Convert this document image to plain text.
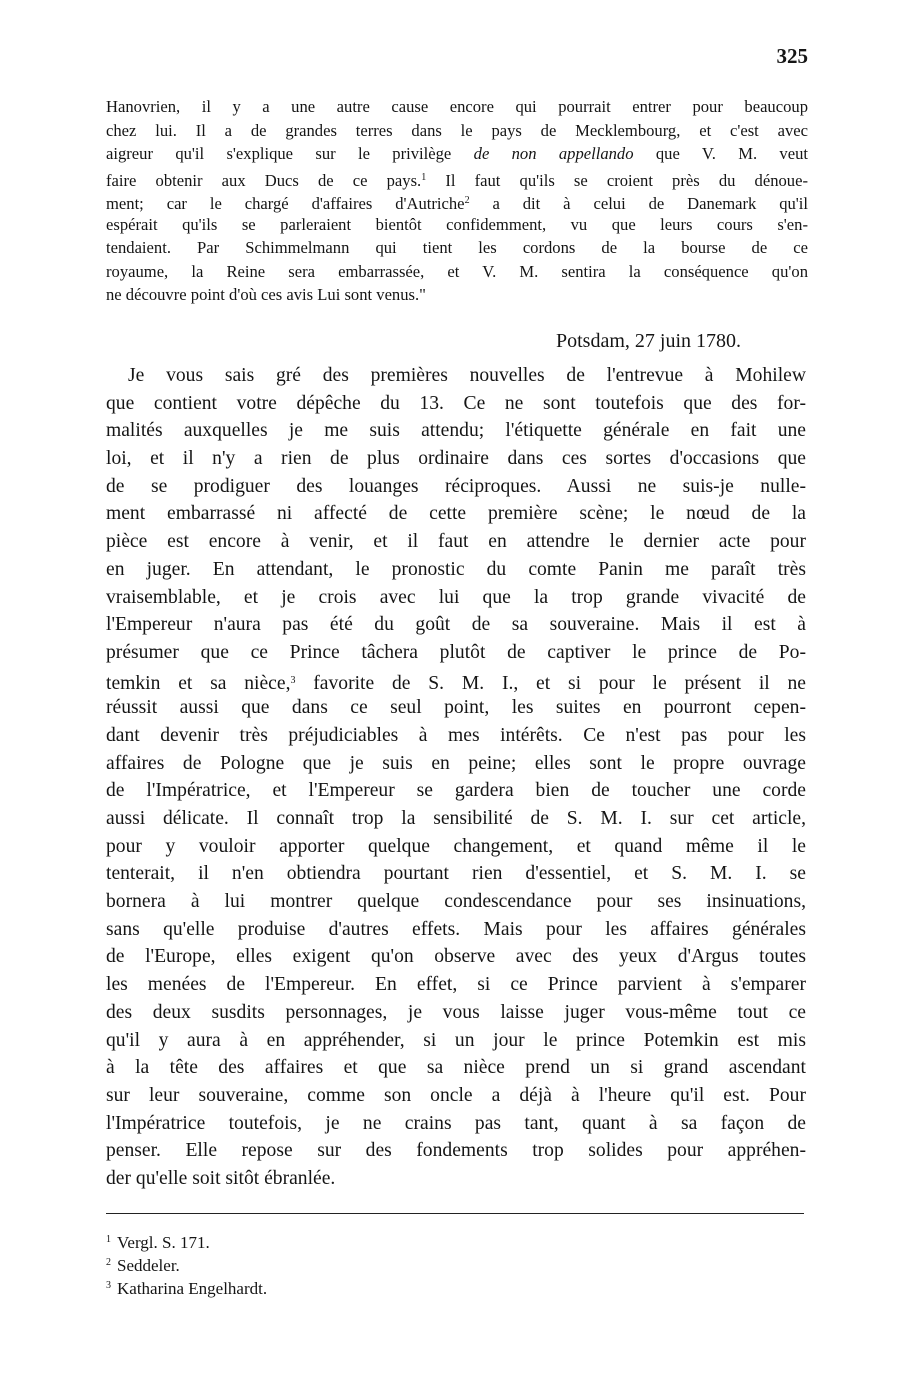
325
Hanovrien, il y a une autre cause encore qui pourrait entrer pour beaucoup
chez lui. Il a de grandes terres dans le pays de Mecklembourg, et c'est avec
aigreur qu'il s'explique sur le privilège de non appellando que V. M. veut
faire obtenir aux Ducs de ce pays.$^1$ Il faut qu'ils se croient près du dénoue-
ment; car le chargé d'affaires d'Autriche$^2$ a dit à celui de Danemark qu'il
espérait qu'ils se parleraient bientôt confidemment, vu que leurs cours s'en-
tendaient. Par Schimmelmann qui tient les cordons de la bourse de ce
royaume, la Reine sera embarrassée, et V. M. sentira la conséquence qu'on
ne découvre point d'où ces avis Lui sont venus."
Potsdam, 27 juin 1780.
Je vous sais gré des premières nouvelles de l'entrevue à Mohilew
que contient votre dépêche du 13. Ce ne sont toutefois que des for-
malités auxquelles je me suis attendu; l'étiquette générale en fait une
loi, et il n'y a rien de plus ordinaire dans ces sortes d'occasions que
de se prodiguer des louanges réciproques. Aussi ne suis-je nulle-
ment embarrassé ni affecté de cette première scène; le nœud de la
pièce est encore à venir, et il faut en attendre le dernier acte pour
en juger. En attendant, le pronostic du comte Panin me paraît très
vraisemblable, et je crois avec lui que la trop grande vivacité de
l'Empereur n'aura pas été du goût de sa souveraine. Mais il est à
présumer que ce Prince tâchera plutôt de captiver le prince de Po-
temkin et sa nièce,$^3$ favorite de S. M. I., et si pour le présent il ne
réussit aussi que dans ce seul point, les suites en pourront cepen-
dant devenir très préjudiciables à mes intérêts. Ce n'est pas pour les
affaires de Pologne que je suis en peine; elles sont le propre ouvrage
de l'Impératrice, et l'Empereur se gardera bien de toucher une corde
aussi délicate. Il connaît trop la sensibilité de S. M. I. sur cet article,
pour y vouloir apporter quelque changement, et quand même il le
tenterait, il n'en obtiendra pourtant rien d'essentiel, et S. M. I. se
bornera à lui montrer quelque condescendance pour ses insinuations,
sans qu'elle produise d'autres effets. Mais pour les affaires générales
de l'Europe, elles exigent qu'on observe avec des yeux d'Argus toutes
les menées de l'Empereur. En effet, si ce Prince parvient à s'emparer
des deux susdits personnages, je vous laisse juger vous-même tout ce
qu'il y aura à en appréhender, si un jour le prince Potemkin est mis
à la tête des affaires et que sa nièce prend un si grand ascendant
sur leur souveraine, comme son oncle a déjà à l'heure qu'il est. Pour
l'Impératrice toutefois, je ne crains pas tant, quant à sa façon de
penser. Elle repose sur des fondements trop solides pour appréhen-
der qu'elle soit sitôt ébranlée.
$^1$ Vergl. S. 171.
$^2$ Seddeler.
$^3$ Katharina Engelhardt.
